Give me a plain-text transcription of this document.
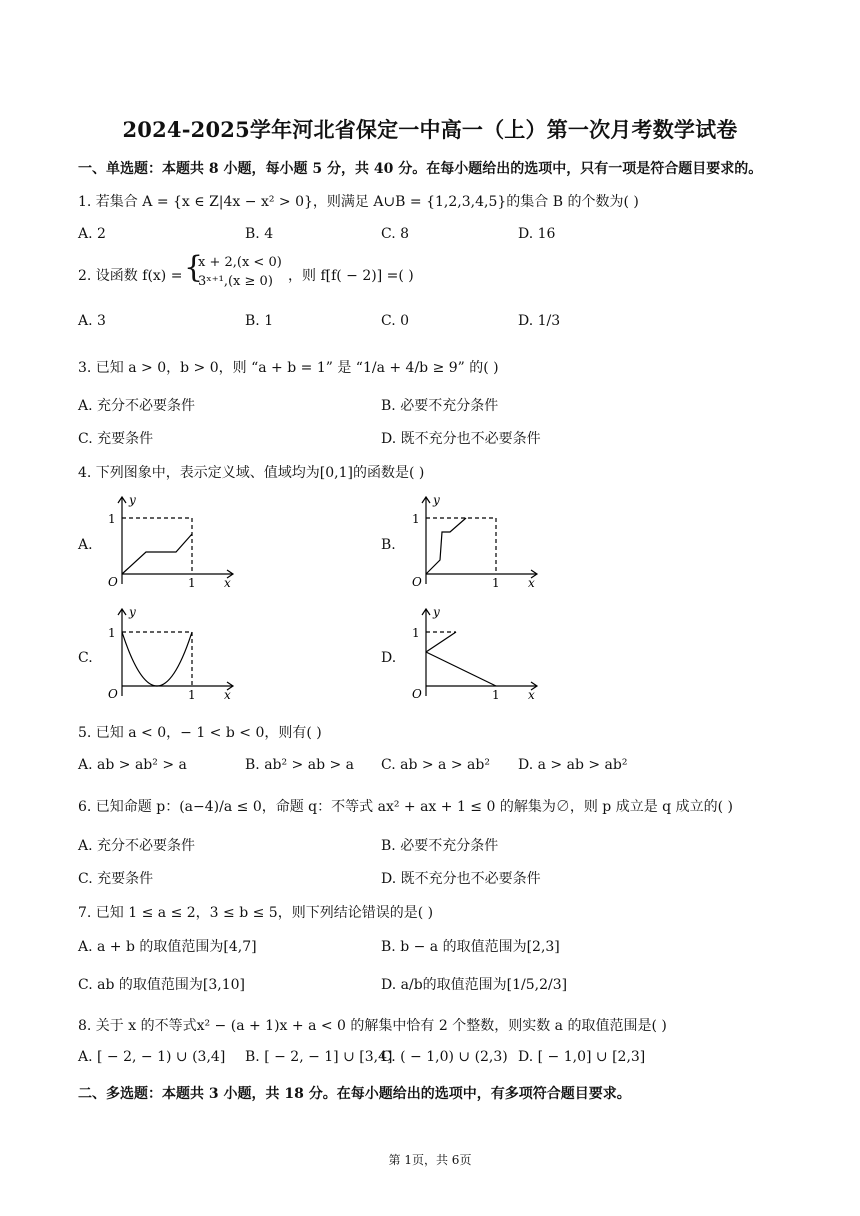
2024-2025学年河北省保定一中高一（上）第一次月考数学试卷
一、单选题：本题共 8 小题，每小题 5 分，共 40 分。在每小题给出的选项中，只有一项是符合题目要求的。
1. 若集合 A = {x ∈ Z|4x − x² > 0}，则满足 A∪B = {1,2,3,4,5}的集合 B 的个数为( )
A. 2	B. 4	C. 8	D. 16
2. 设函数 f(x) = {
x + 2,(x < 0)
3ˣ⁺¹,(x ≥ 0) ，则 f[f( − 2)] =( )
A. 3	B. 1	C. 0	D. 1/3
3. 已知 a > 0，b > 0，则 “a + b = 1” 是 “1/a + 4/b ≥ 9” 的( )
A. 充分不必要条件	B. 必要不充分条件
C. 充要条件	D. 既不充分也不必要条件
4. 下列图象中，表示定义域、值域均为[0,1]的函数是( )
A.	B.
C.	D.
y
1
O	1 x
y
1
O	1 x
y
1
O	1 x
y
1
O	1 x
5. 已知 a < 0，− 1 < b < 0，则有( )
A. ab > ab² > a	B. ab² > ab > a C. ab > a > ab² D. a > ab > ab²
6. 已知命题 p：(a−4)/a ≤ 0，命题 q：不等式 ax² + ax + 1 ≤ 0 的解集为∅，则 p 成立是 q 成立的( )
A. 充分不必要条件	B. 必要不充分条件
C. 充要条件	D. 既不充分也不必要条件
7. 已知 1 ≤ a ≤ 2，3 ≤ b ≤ 5，则下列结论错误的是( )
A. a + b 的取值范围为[4,7]	B. b − a 的取值范围为[2,3]
C. ab 的取值范围为[3,10]	D. a/b的取值范围为[1/5,2/3]
8. 关于 x 的不等式x² − (a + 1)x + a < 0 的解集中恰有 2 个整数，则实数 a 的取值范围是( )
A. [ − 2, − 1) ∪ (3,4] B. [ − 2, − 1] ∪ [3,4]
C. ( − 1,0) ∪ (2,3) D. [ − 1,0] ∪ [2,3]
二、多选题：本题共 3 小题，共 18 分。在每小题给出的选项中，有多项符合题目要求。
第 1页，共 6页
